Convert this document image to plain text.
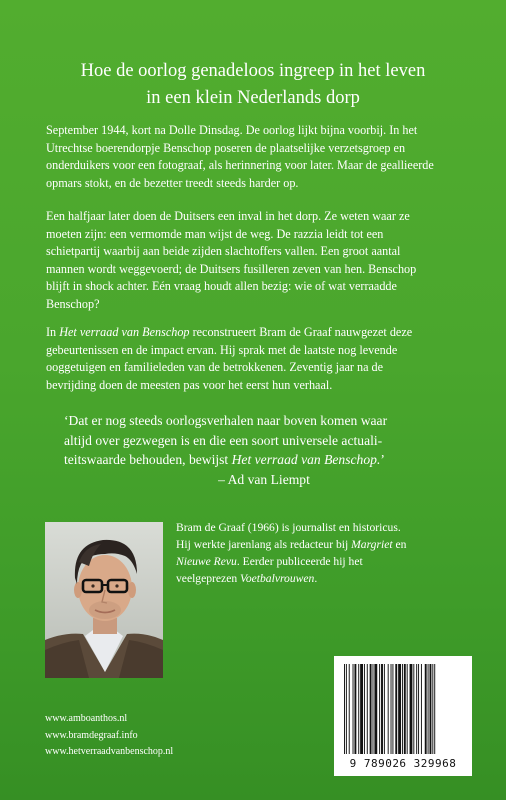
Hoe de oorlog genadeloos ingreep in het leven
in een klein Nederlands dorp
September 1944, kort na Dolle Dinsdag. De oorlog lijkt bijna voorbij. In het
Utrechtse boerendorpje Benschop poseren de plaatselijke verzetsgroep en
onderduikers voor een fotograaf, als herinnering voor later. Maar de geallieerde
opmars stokt, en de bezetter treedt steeds harder op.
Een halfjaar later doen de Duitsers een inval in het dorp. Ze weten waar ze
moeten zijn: een vermomde man wijst de weg. De razzia leidt tot een
schietpartij waarbij aan beide zijden slachtoffers vallen. Een groot aantal
mannen wordt weggevoerd; de Duitsers fusilleren zeven van hen. Benschop
blijft in shock achter. Eén vraag houdt allen bezig: wie of wat verraadde
Benschop?
In Het verraad van Benschop reconstrueert Bram de Graaf nauwgezet deze
gebeurtenissen en de impact ervan. Hij sprak met de laatste nog levende
ooggetuigen en familieleden van de betrokkenen. Zeventig jaar na de
bevrijding doen de meesten pas voor het eerst hun verhaal.
‘Dat er nog steeds oorlogsverhalen naar boven komen waar
altijd over gezwegen is en die een soort universele actuali-
teitswaarde behouden, bewijst Het verraad van Benschop.’
– Ad van Liempt
Bram de Graaf (1966) is journalist en historicus.
Hij werkte jarenlang als redacteur bij Margriet en
Nieuwe Revu. Eerder publiceerde hij het
veelgeprezen Voetbalvrouwen.
www.amboanthos.nl
www.bramdegraaf.info
www.hetverraadvanbenschop.nl
9 789026 329968
